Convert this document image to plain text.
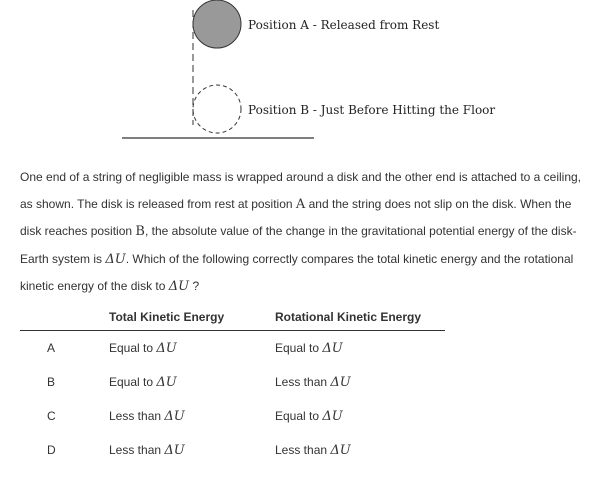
Position A - Released from Rest
Position B - Just Before Hitting the Floor

One end of a string of negligible mass is wrapped around a disk and the other end is attached to a ceiling, as shown. The disk is released from rest at position A and the string does not slip on the disk. When the disk reaches position B, the absolute value of the change in the gravitational potential energy of the disk-Earth system is ΔU. Which of the following correctly compares the total kinetic energy and the rotational kinetic energy of the disk to ΔU ?

	Total Kinetic Energy	Rotational Kinetic Energy
A	Equal to ΔU	Equal to ΔU
B	Equal to ΔU	Less than ΔU
C	Less than ΔU	Equal to ΔU
D	Less than ΔU	Less than ΔU
